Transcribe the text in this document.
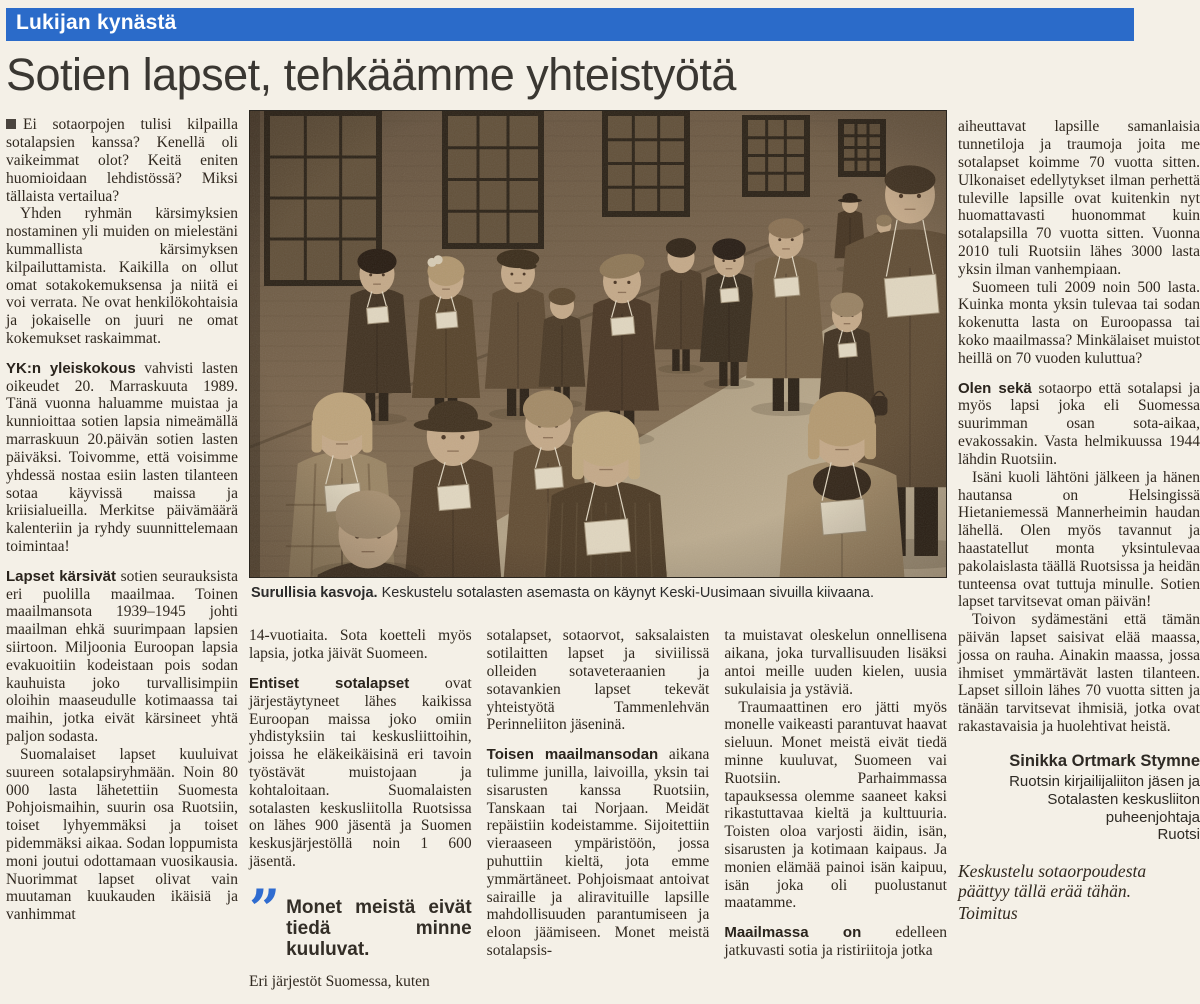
Lukijan kynästä
Sotien lapset, tehkäämme yhteistyötä

Ei sotaorpojen tulisi kilpailla sotalapsien kanssa? Kenellä oli vaikeimmat olot? Keitä eniten huomioidaan lehdistössä? Miksi tällaista vertailua?

Yhden ryhmän kärsimyksien nostaminen yli muiden on mielestäni kummallista kärsimyksen kilpailuttamista. Kaikilla on ollut omat sotakokemuksensa ja niitä ei voi verrata. Ne ovat henkilökohtaisia ja jokaiselle on juuri ne omat kokemukset raskaimmat.

YK:n yleiskokous vahvisti lasten oikeudet 20. Marraskuuta 1989. Tänä vuonna haluamme muistaa ja kunnioittaa sotien lapsia nimeämällä marraskuun 20.päivän sotien lasten päiväksi. Toivomme, että voisimme yhdessä nostaa esiin lasten tilanteen sotaa käyvissä maissa ja kriisialueilla. Merkitse päivämäärä kalenteriin ja ryhdy suunnittelemaan toimintaa!

Lapset kärsivät sotien seurauksista eri puolilla maailmaa. Toinen maailmansota 1939–1945 johti maailman ehkä suurimpaan lapsien siirtoon. Miljoonia Euroopan lapsia evakuoitiin kodeistaan pois sodan kauhuista joko turvallisimpiin oloihin maaseudulle kotimaassa tai maihin, jotka eivät kärsineet yhtä paljon sodasta.

Suomalaiset lapset kuuluivat suureen sotalapsiryhmään. Noin 80 000 lasta lähetettiin Suomesta Pohjoismaihin, suurin osa Ruotsiin, toiset lyhyemmäksi ja toiset pidemmäksi aikaa. Sodan loppumista moni joutui odottamaan vuosikausia. Nuorimmat lapset olivat vain muutaman kuukauden ikäisiä ja vanhimmat

Surullisia kasvoja. Keskustelu sotalasten asemasta on käynyt Keski-Uusimaan sivuilla kiivaana.

14-vuotiaita. Sota koetteli myös lapsia, jotka jäivät Suomeen.

Entiset sotalapset ovat järjestäytyneet lähes kaikissa Euroopan maissa joko omiin yhdistyksiin tai keskusliittoihin, joissa he eläkeikäisinä eri tavoin työstävät muistojaan ja kohtaloitaan. Suomalaisten sotalasten keskusliitolla Ruotsissa on lähes 900 jäsentä ja Suomen keskusjärjestöllä noin 1 600 jäsentä.

” Monet meistä eivät tiedä minne kuuluvat.

Eri järjestöt Suomessa, kuten

sotalapset, sotaorvot, saksalaisten sotilaitten lapset ja siviilissä olleiden sotaveteraanien ja sotavankien lapset tekevät yhteistyötä Tammenlehvän Perinneliiton jäseninä.

Toisen maailmansodan aikana tulimme junilla, laivoilla, yksin tai sisarusten kanssa Ruotsiin, Tanskaan tai Norjaan. Meidät repäistiin kodeistamme. Sijoitettiin vieraaseen ympäristöön, jossa puhuttiin kieltä, jota emme ymmärtäneet. Pohjoismaat antoivat sairaille ja aliravituille lapsille mahdollisuuden parantumiseen ja eloon jäämiseen. Monet meistä sotalapsis-

ta muistavat oleskelun onnellisena aikana, joka turvallisuuden lisäksi antoi meille uuden kielen, uusia sukulaisia ja ystäviä.

Traumaattinen ero jätti myös monelle vaikeasti parantuvat haavat sieluun. Monet meistä eivät tiedä minne kuuluvat, Suomeen vai Ruotsiin. Parhaimmassa tapauksessa olemme saaneet kaksi rikastuttavaa kieltä ja kulttuuria. Toisten oloa varjosti äidin, isän, sisarusten ja kotimaan kaipaus. Ja monien elämää painoi isän kaipuu, isän joka oli puolustanut maatamme.

Maailmassa on edelleen jatkuvasti sotia ja ristiriitoja jotka

aiheuttavat lapsille samanlaisia tunnetiloja ja traumoja joita me sotalapset koimme 70 vuotta sitten. Ulkonaiset edellytykset ilman perhettä tuleville lapsille ovat kuitenkin nyt huomattavasti huonommat kuin sotalapsilla 70 vuotta sitten. Vuonna 2010 tuli Ruotsiin lähes 3000 lasta yksin ilman vanhempiaan.

Suomeen tuli 2009 noin 500 lasta. Kuinka monta yksin tulevaa tai sodan kokenutta lasta on Euroopassa tai koko maailmassa? Minkälaiset muistot heillä on 70 vuoden kuluttua?

Olen sekä sotaorpo että sotalapsi ja myös lapsi joka eli Suomessa suurimman osan sota-aikaa, evakossakin. Vasta helmikuussa 1944 lähdin Ruotsiin.

Isäni kuoli lähtöni jälkeen ja hänen hautansa on Helsingissä Hietaniemessä Mannerheimin haudan lähellä. Olen myös tavannut ja haastatellut monta yksintulevaa pakolaislasta täällä Ruotsissa ja heidän tunteensa ovat tuttuja minulle. Sotien lapset tarvitsevat oman päivän!

Toivon sydämestäni että tämän päivän lapset saisivat elää maassa, jossa on rauha. Ainakin maassa, jossa ihmiset ymmärtävät lasten tilanteen. Lapset silloin lähes 70 vuotta sitten ja tänään tarvitsevat ihmisiä, jotka ovat rakastavaisia ja huolehtivat heistä.

Sinikka Ortmark Stymne
Ruotsin kirjailijaliiton jäsen ja
Sotalasten keskusliiton
puheenjohtaja
Ruotsi
Keskustelu sotaorpoudesta päättyy tällä erää tähän.
Toimitus
